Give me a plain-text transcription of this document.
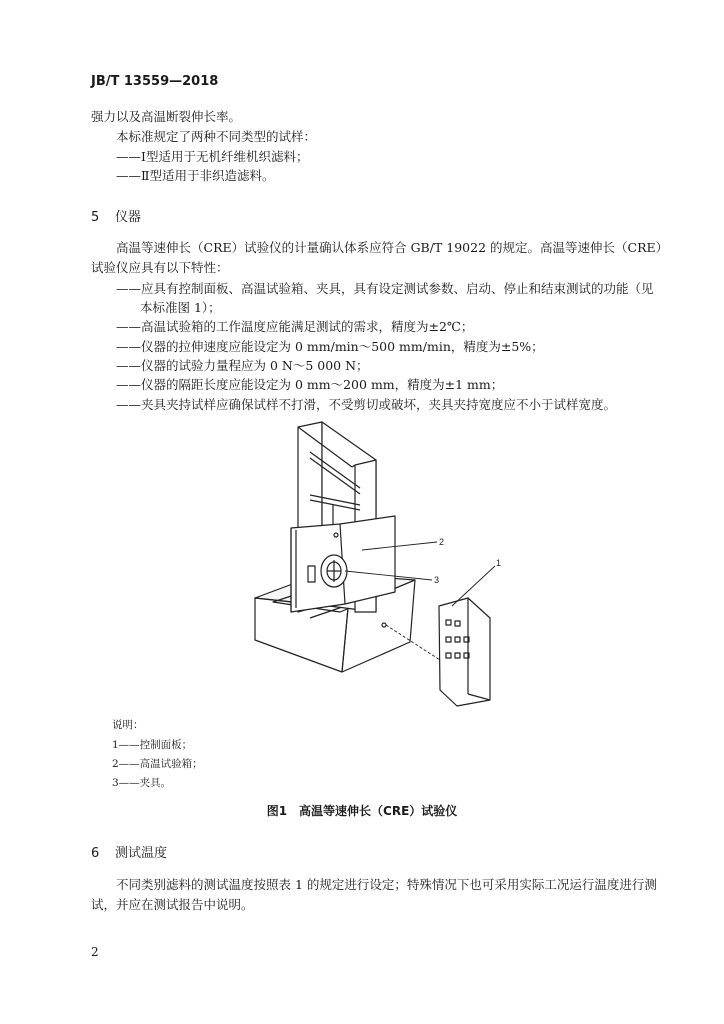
JB/T 13559—2018
强力以及高温断裂伸长率。
本标准规定了两种不同类型的试样：
——Ⅰ型适用于无机纤维机织滤料；
——Ⅱ型适用于非织造滤料。
5 仪器
高温等速伸长（CRE）试验仪的计量确认体系应符合 GB/T 19022 的规定。高温等速伸长（CRE）
试验仪应具有以下特性：
——应具有控制面板、高温试验箱、夹具，具有设定测试参数、启动、停止和结束测试的功能（见
本标准图 1）；
——高温试验箱的工作温度应能满足测试的需求，精度为±2℃；
——仪器的拉伸速度应能设定为 0 mm/min～500 mm/min，精度为±5%；
——仪器的试验力量程应为 0 N～5 000 N；
——仪器的隔距长度应能设定为 0 mm～200 mm，精度为±1 mm；
——夹具夹持试样应确保试样不打滑，不受剪切或破坏，夹具夹持宽度应不小于试样宽度。
1
2
3
说明：
1——控制面板；
2——高温试验箱；
3——夹具。
图1　高温等速伸长（CRE）试验仪
6 测试温度
不同类别滤料的测试温度按照表 1 的规定进行设定；特殊情况下也可采用实际工况运行温度进行测
试，并应在测试报告中说明。
2
